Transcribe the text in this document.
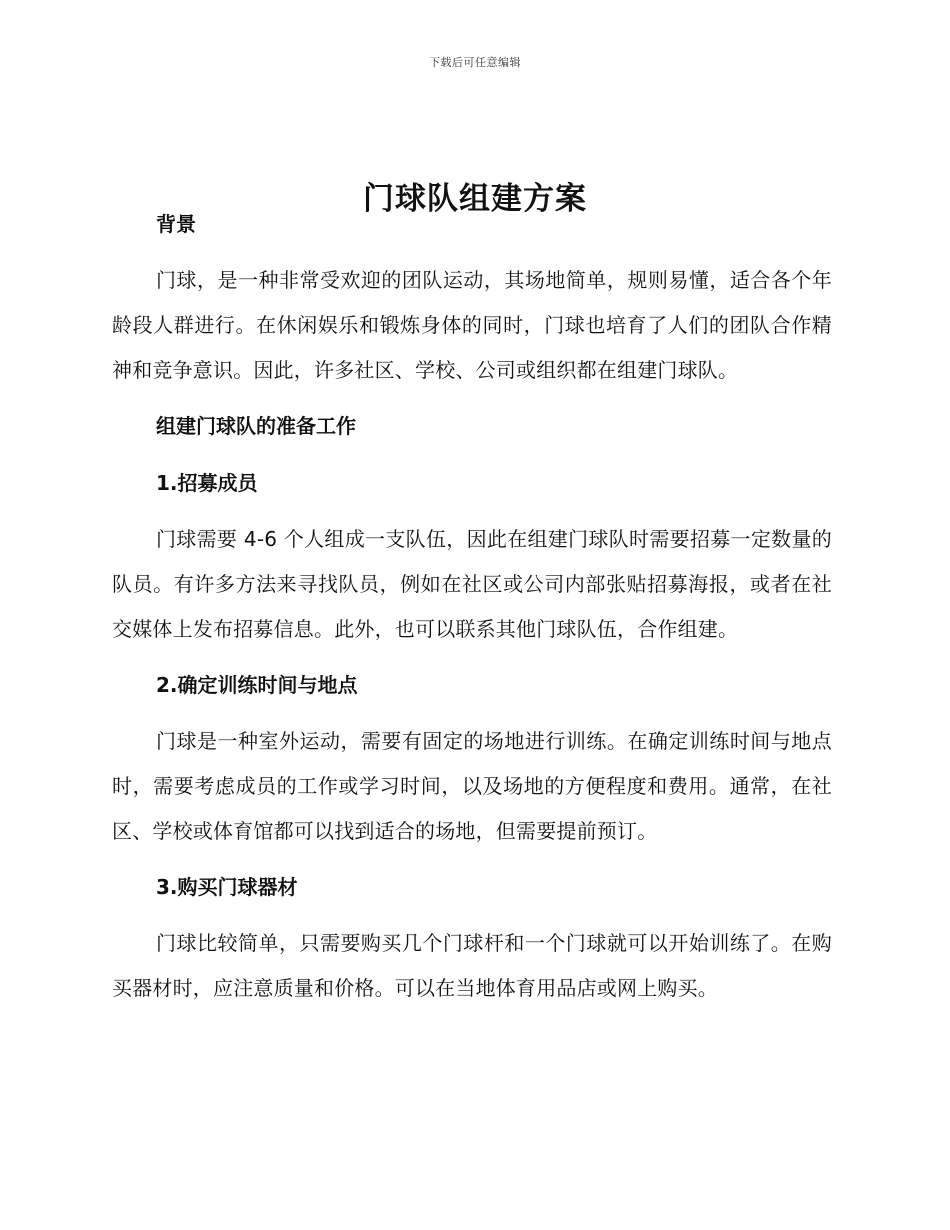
下载后可任意编辑
门球队组建方案

背景

门球，是一种非常受欢迎的团队运动，其场地简单，规则易懂，适合各个年龄段人群进行。在休闲娱乐和锻炼身体的同时，门球也培育了人们的团队合作精神和竞争意识。因此，许多社区、学校、公司或组织都在组建门球队。

组建门球队的准备工作

1.招募成员

门球需要 4-6 个人组成一支队伍，因此在组建门球队时需要招募一定数量的队员。有许多方法来寻找队员，例如在社区或公司内部张贴招募海报，或者在社交媒体上发布招募信息。此外，也可以联系其他门球队伍，合作组建。

2.确定训练时间与地点

门球是一种室外运动，需要有固定的场地进行训练。在确定训练时间与地点时，需要考虑成员的工作或学习时间，以及场地的方便程度和费用。通常，在社区、学校或体育馆都可以找到适合的场地，但需要提前预订。

3.购买门球器材

门球比较简单，只需要购买几个门球杆和一个门球就可以开始训练了。在购买器材时，应注意质量和价格。可以在当地体育用品店或网上购买。
